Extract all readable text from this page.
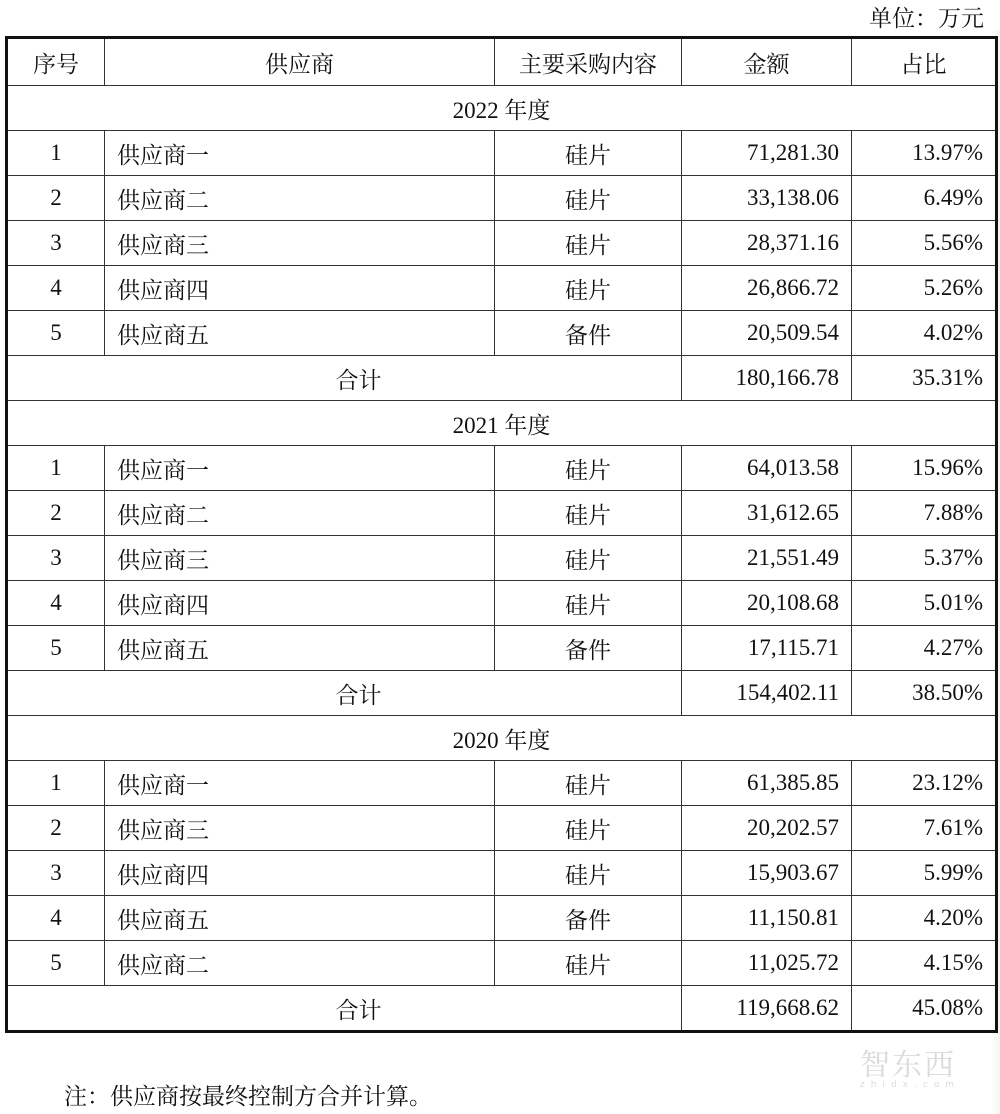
单位：万元
序号	供应商	主要采购内容	金额	占比
2022 年度				
1	供应商一	硅片	71,281.30	13.97%
2	供应商二	硅片	33,138.06	6.49%
3	供应商三	硅片	28,371.16	5.56%
4	供应商四	硅片	26,866.72	5.26%
5	供应商五	备件	20,509.54	4.02%
合计			180,166.78	35.31%
2021 年度				
1	供应商一	硅片	64,013.58	15.96%
2	供应商二	硅片	31,612.65	7.88%
3	供应商三	硅片	21,551.49	5.37%
4	供应商四	硅片	20,108.68	5.01%
5	供应商五	备件	17,115.71	4.27%
合计			154,402.11	38.50%
2020 年度				
1	供应商一	硅片	61,385.85	23.12%
2	供应商三	硅片	20,202.57	7.61%
3	供应商四	硅片	15,903.67	5.99%
4	供应商五	备件	11,150.81	4.20%
5	供应商二	硅片	11,025.72	4.15%
合计			119,668.62	45.08%
注：供应商按最终控制方合并计算。
智东西
zhidx.com
